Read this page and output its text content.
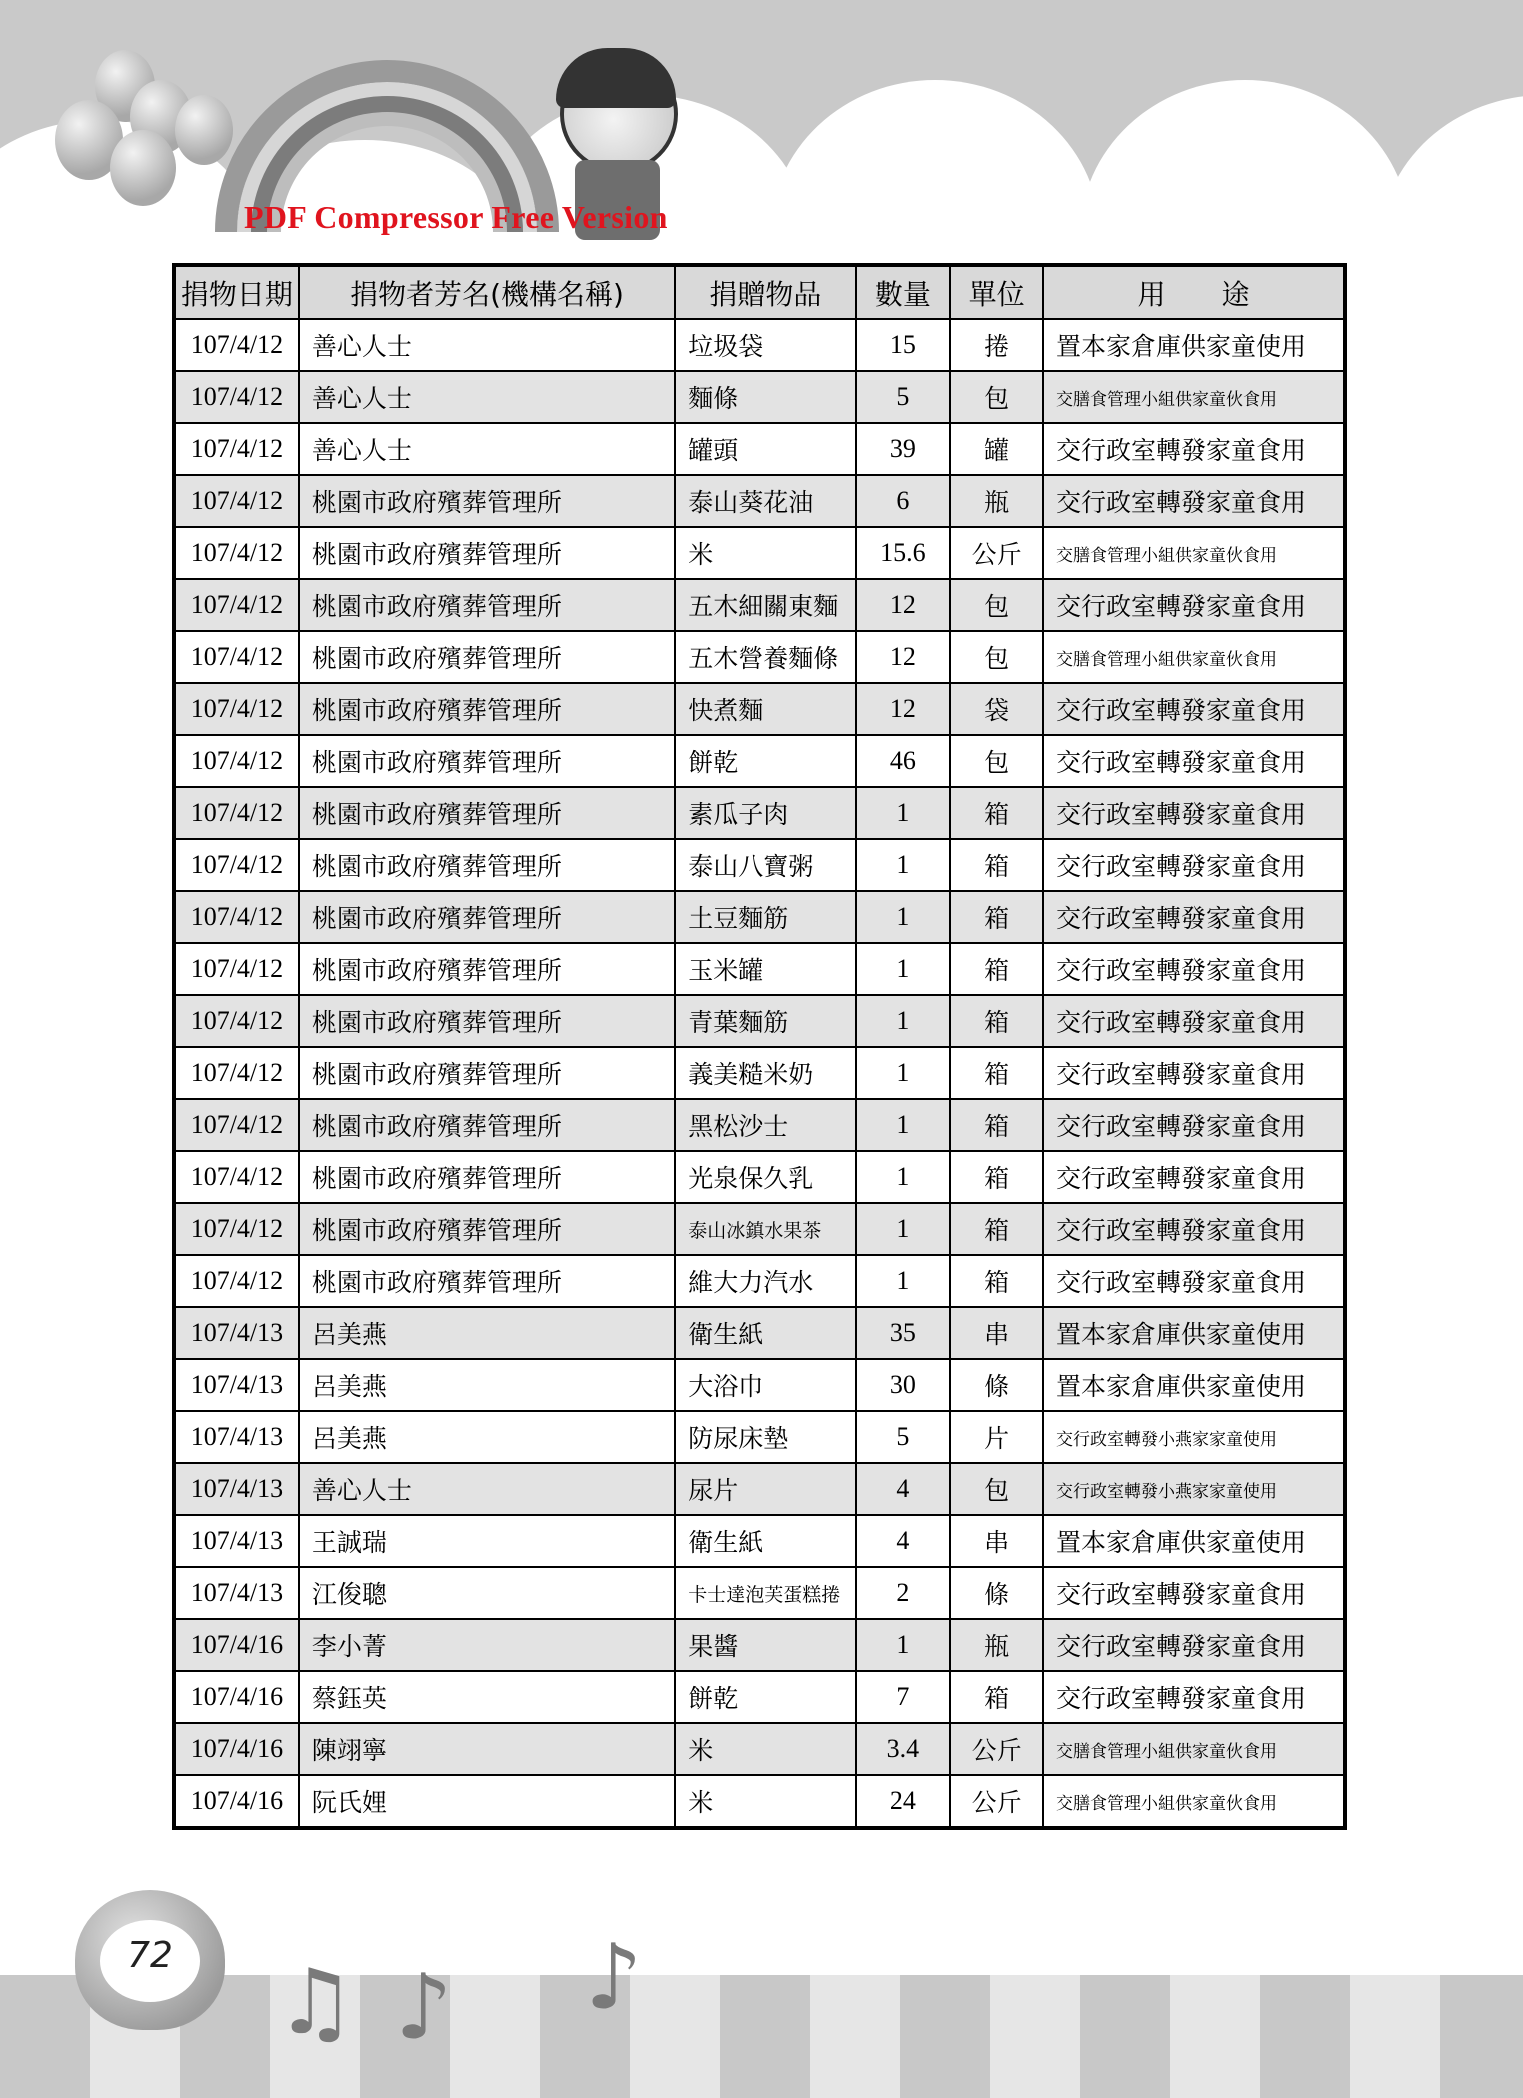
PDF Compressor Free Version
捐物日期	捐物者芳名(機構名稱)	捐贈物品	數量	單位	用　　途
107/4/12	善心人士	垃圾袋	15	捲	置本家倉庫供家童使用
107/4/12	善心人士	麵條	5	包	交膳食管理小組供家童伙食用
107/4/12	善心人士	罐頭	39	罐	交行政室轉發家童食用
107/4/12	桃園市政府殯葬管理所	泰山葵花油	6	瓶	交行政室轉發家童食用
107/4/12	桃園市政府殯葬管理所	米	15.6	公斤	交膳食管理小組供家童伙食用
107/4/12	桃園市政府殯葬管理所	五木細關東麵	12	包	交行政室轉發家童食用
107/4/12	桃園市政府殯葬管理所	五木營養麵條	12	包	交膳食管理小組供家童伙食用
107/4/12	桃園市政府殯葬管理所	快煮麵	12	袋	交行政室轉發家童食用
107/4/12	桃園市政府殯葬管理所	餅乾	46	包	交行政室轉發家童食用
107/4/12	桃園市政府殯葬管理所	素瓜子肉	1	箱	交行政室轉發家童食用
107/4/12	桃園市政府殯葬管理所	泰山八寶粥	1	箱	交行政室轉發家童食用
107/4/12	桃園市政府殯葬管理所	土豆麵筋	1	箱	交行政室轉發家童食用
107/4/12	桃園市政府殯葬管理所	玉米罐	1	箱	交行政室轉發家童食用
107/4/12	桃園市政府殯葬管理所	青葉麵筋	1	箱	交行政室轉發家童食用
107/4/12	桃園市政府殯葬管理所	義美糙米奶	1	箱	交行政室轉發家童食用
107/4/12	桃園市政府殯葬管理所	黑松沙士	1	箱	交行政室轉發家童食用
107/4/12	桃園市政府殯葬管理所	光泉保久乳	1	箱	交行政室轉發家童食用
107/4/12	桃園市政府殯葬管理所	泰山冰鎮水果茶	1	箱	交行政室轉發家童食用
107/4/12	桃園市政府殯葬管理所	維大力汽水	1	箱	交行政室轉發家童食用
107/4/13	呂美燕	衛生紙	35	串	置本家倉庫供家童使用
107/4/13	呂美燕	大浴巾	30	條	置本家倉庫供家童使用
107/4/13	呂美燕	防尿床墊	5	片	交行政室轉發小燕家家童使用
107/4/13	善心人士	尿片	4	包	交行政室轉發小燕家家童使用
107/4/13	王誠瑞	衛生紙	4	串	置本家倉庫供家童使用
107/4/13	江俊聰	卡士達泡芙蛋糕捲	2	條	交行政室轉發家童食用
107/4/16	李小菁	果醬	1	瓶	交行政室轉發家童食用
107/4/16	蔡鈺英	餅乾	7	箱	交行政室轉發家童食用
107/4/16	陳翊寧	米	3.4	公斤	交膳食管理小組供家童伙食用
107/4/16	阮氏娌	米	24	公斤	交膳食管理小組供家童伙食用
72 ♫ ♪ ♪
